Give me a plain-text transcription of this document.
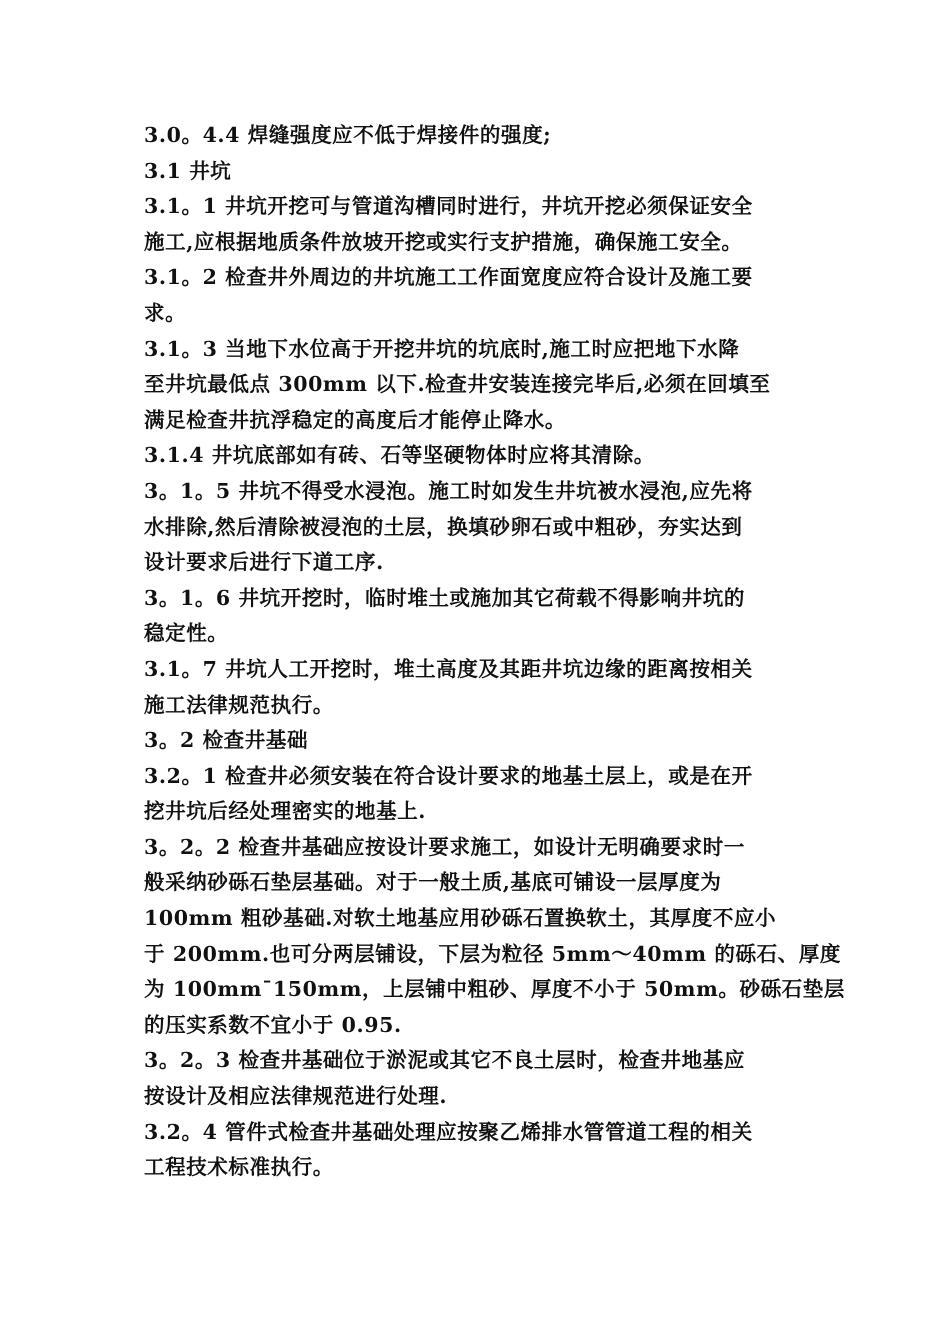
3.0。4.4 焊缝强度应不低于焊接件的强度;
3.1 井坑
3.1。1 井坑开挖可与管道沟槽同时进行，井坑开挖必须保证安全
施工,应根据地质条件放坡开挖或实行支护措施，确保施工安全。
3.1。2 检查井外周边的井坑施工工作面宽度应符合设计及施工要
求。
3.1。3 当地下水位高于开挖井坑的坑底时,施工时应把地下水降
至井坑最低点 300mm 以下.检查井安装连接完毕后,必须在回填至
满足检查井抗浮稳定的高度后才能停止降水。
3.1.4 井坑底部如有砖、石等坚硬物体时应将其清除。
3。1。5 井坑不得受水浸泡。施工时如发生井坑被水浸泡,应先将
水排除,然后清除被浸泡的土层，换填砂卵石或中粗砂，夯实达到
设计要求后进行下道工序.
3。1。6 井坑开挖时，临时堆土或施加其它荷载不得影响井坑的
稳定性。
3.1。7 井坑人工开挖时，堆土高度及其距井坑边缘的距离按相关
施工法律规范执行。
3。2 检查井基础
3.2。1 检查井必须安装在符合设计要求的地基土层上，或是在开
挖井坑后经处理密实的地基上.
3。2。2 检查井基础应按设计要求施工，如设计无明确要求时一
般采纳砂砾石垫层基础。对于一般土质,基底可铺设一层厚度为
100mm 粗砂基础.对软土地基应用砂砾石置换软土，其厚度不应小
于 200mm.也可分两层铺设，下层为粒径 5mm～40mm 的砾石、厚度
为 100mm¯150mm，上层铺中粗砂、厚度不小于 50mm。砂砾石垫层
的压实系数不宜小于 0.95.
3。2。3 检查井基础位于淤泥或其它不良土层时，检查井地基应
按设计及相应法律规范进行处理.
3.2。4 管件式检查井基础处理应按聚乙烯排水管管道工程的相关
工程技术标准执行。
